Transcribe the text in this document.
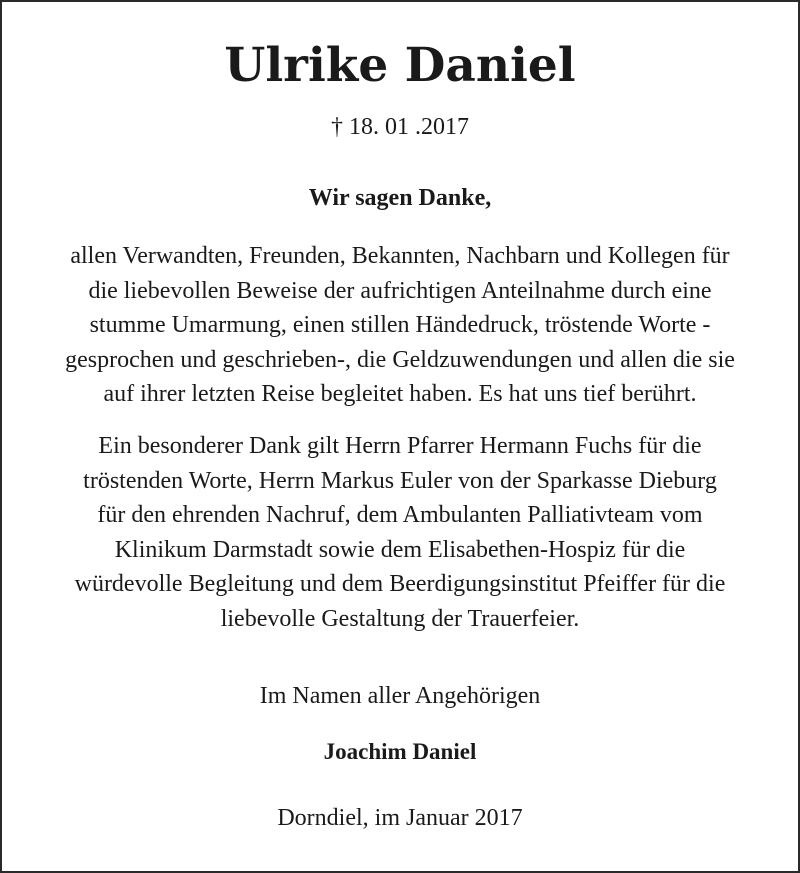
Ulrike Daniel
† 18. 01 .2017
Wir sagen Danke,

allen Verwandten, Freunden, Bekannten, Nachbarn und Kollegen für
die liebevollen Beweise der aufrichtigen Anteilnahme durch eine
stumme Umarmung, einen stillen Händedruck, tröstende Worte -
gesprochen und geschrieben-, die Geldzuwendungen und allen die sie
auf ihrer letzten Reise begleitet haben. Es hat uns tief berührt.

Ein besonderer Dank gilt Herrn Pfarrer Hermann Fuchs für die
tröstenden Worte, Herrn Markus Euler von der Sparkasse Dieburg
für den ehrenden Nachruf, dem Ambulanten Palliativteam vom
Klinikum Darmstadt sowie dem Elisabethen-Hospiz für die
würdevolle Begleitung und dem Beerdigungsinstitut Pfeiffer für die
liebevolle Gestaltung der Trauerfeier.

Im Namen aller Angehörigen
Joachim Daniel
Dorndiel, im Januar 2017
